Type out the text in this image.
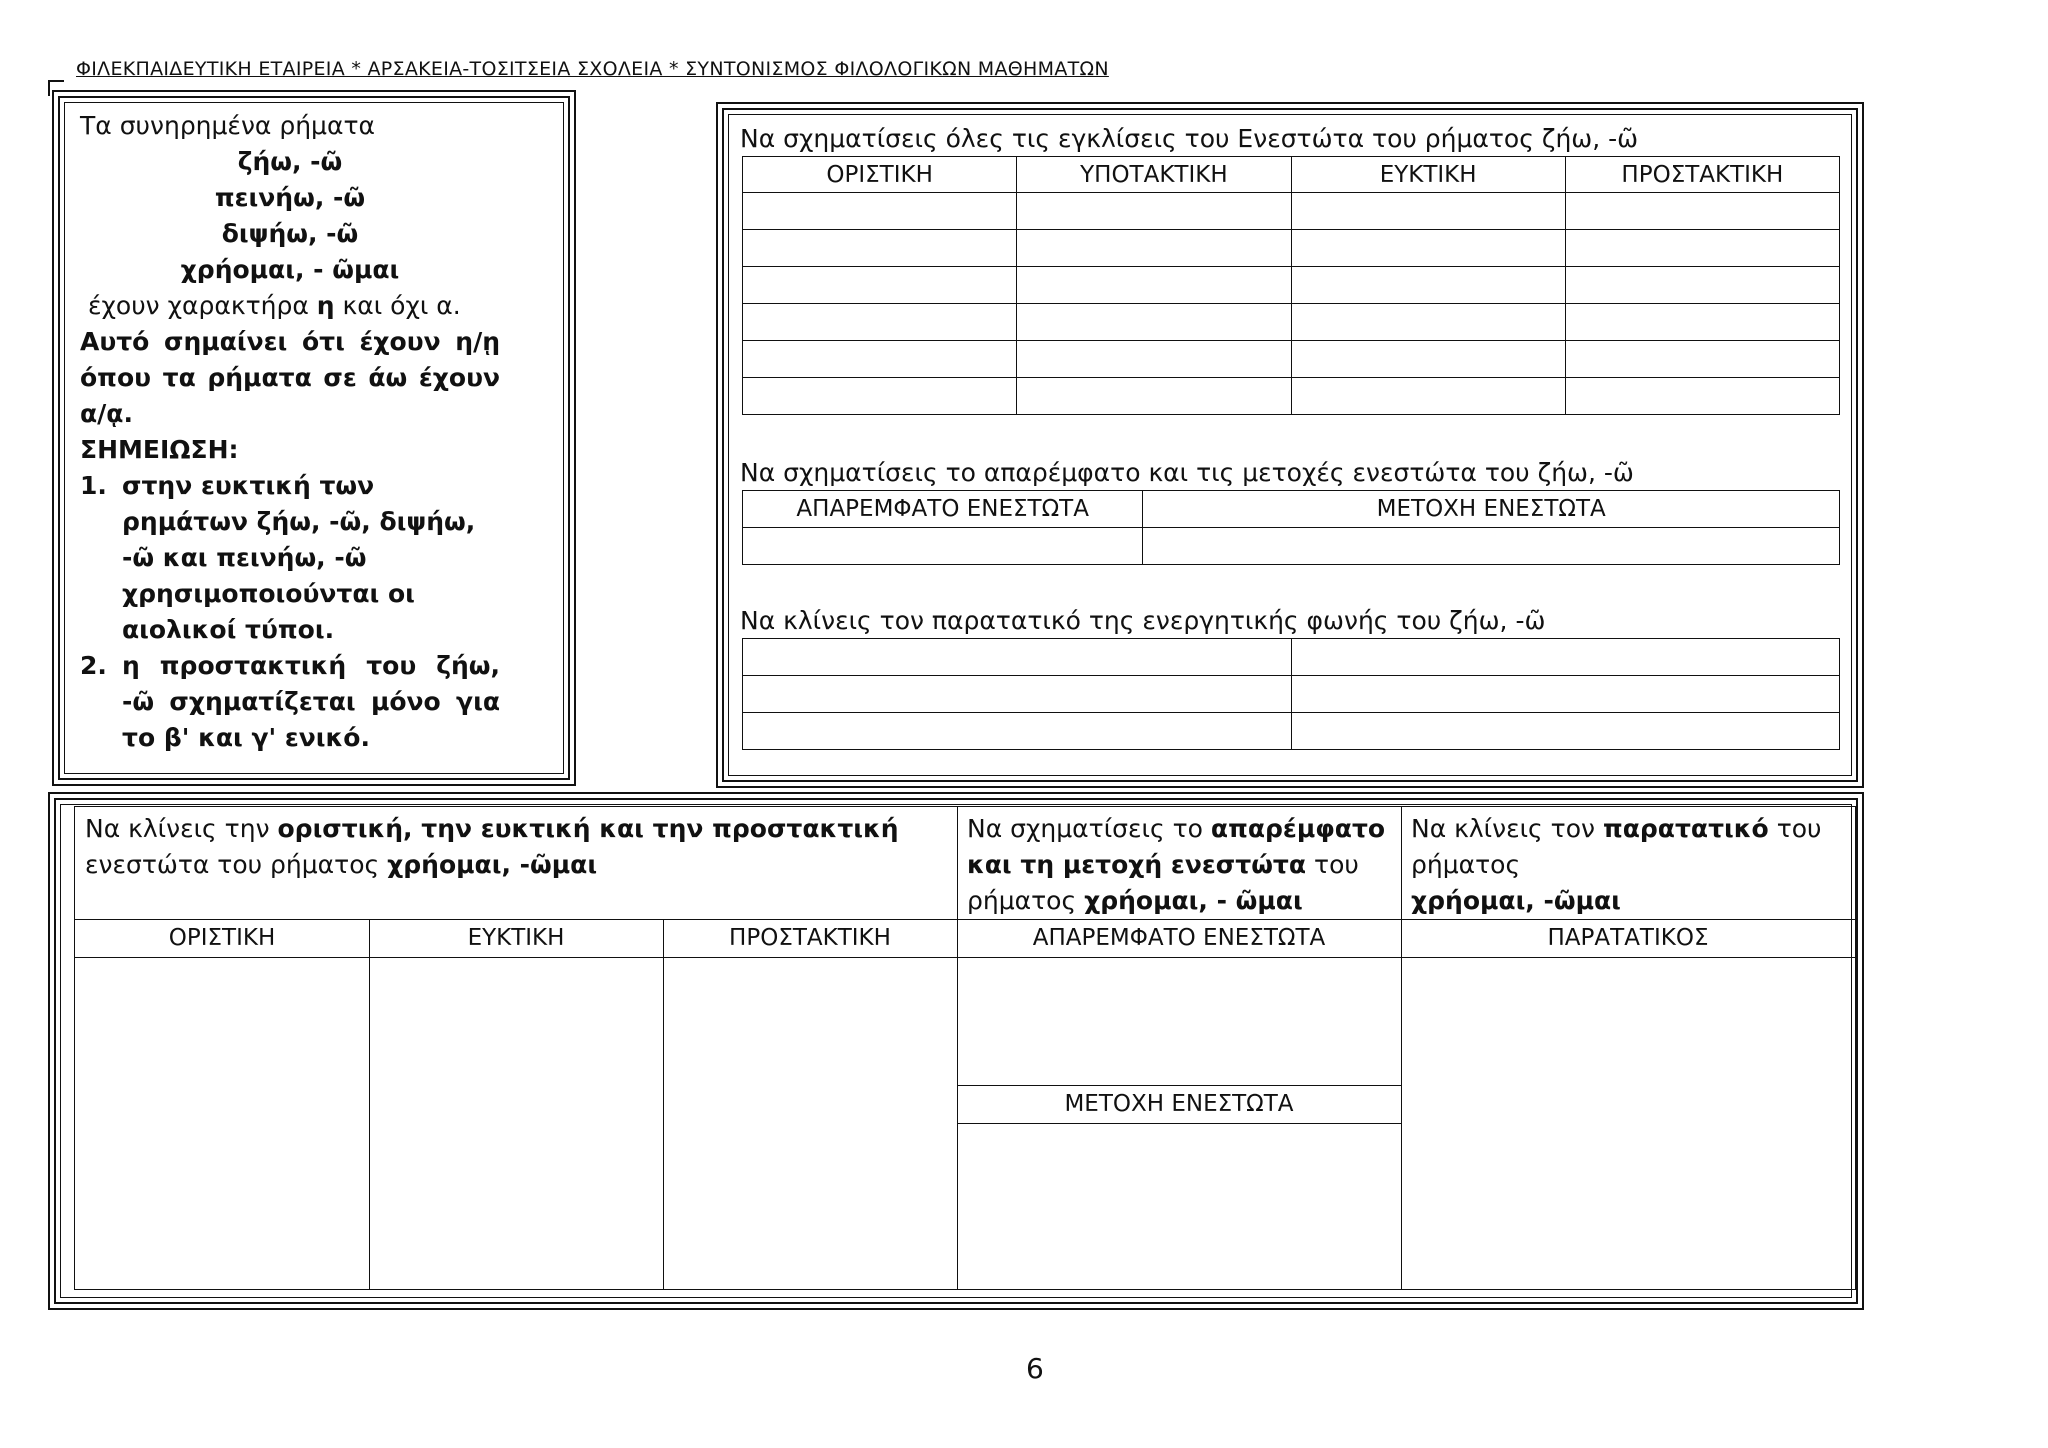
ΦΙΛΕΚΠΑΙΔΕΥΤΙΚΗ ΕΤΑΙΡΕΙΑ * ΑΡΣΑΚΕΙΑ-ΤΟΣΙΤΣΕΙΑ ΣΧΟΛΕΙΑ * ΣΥΝΤΟΝΙΣΜΟΣ ΦΙΛΟΛΟΓΙΚΩΝ ΜΑΘΗΜΑΤΩΝ
Τα συνηρημένα ρήματα
ζήω, -ῶ
πεινήω, -ῶ
διψήω, -ῶ
χρήομαι, - ῶμαι
έχουν χαρακτήρα η και όχι α.
Αυτό σημαίνει ότι έχουν η/ῃ όπου τα ρήματα σε άω έχουν α/ᾳ.
ΣΗΜΕΙΩΣΗ:
1. στην ευκτική των ρημάτων ζήω, -ῶ, διψήω, -ῶ και πεινήω, -ῶ χρησιμοποιούνται οι αιολικοί τύποι.
2. η προστακτική του ζήω, -ῶ σχηματίζεται μόνο για το β' και γ' ενικό.
Να σχηματίσεις όλες τις εγκλίσεις του Ενεστώτα του ρήματος ζήω, -ῶ
ΟΡΙΣΤΙΚΗ	ΥΠΟΤΑΚΤΙΚΗ	ΕΥΚΤΙΚΗ	ΠΡΟΣΤΑΚΤΙΚΗ

Να σχηματίσεις το απαρέμφατο και τις μετοχές ενεστώτα του ζήω, -ῶ
ΑΠΑΡΕΜΦΑΤΟ ΕΝΕΣΤΩΤΑ	ΜΕΤΟΧΗ ΕΝΕΣΤΩΤΑ

Να κλίνεις τον παρατατικό της ενεργητικής φωνής του ζήω, -ῶ

Να κλίνεις την οριστική, την ευκτική και την προστακτική
ενεστώτα του ρήματος χρήομαι, -ῶμαι
Να σχηματίσεις το απαρέμφατο και τη μετοχή ενεστώτα του ρήματος χρήομαι, - ῶμαι
Να κλίνεις τον παρατατικό του ρήματος
χρήομαι, -ῶμαι
ΟΡΙΣΤΙΚΗ	ΕΥΚΤΙΚΗ	ΠΡΟΣΤΑΚΤΙΚΗ	ΑΠΑΡΕΜΦΑΤΟ ΕΝΕΣΤΩΤΑ	ΠΑΡΑΤΑΤΙΚΟΣ
ΜΕΤΟΧΗ ΕΝΕΣΤΩΤΑ
6
